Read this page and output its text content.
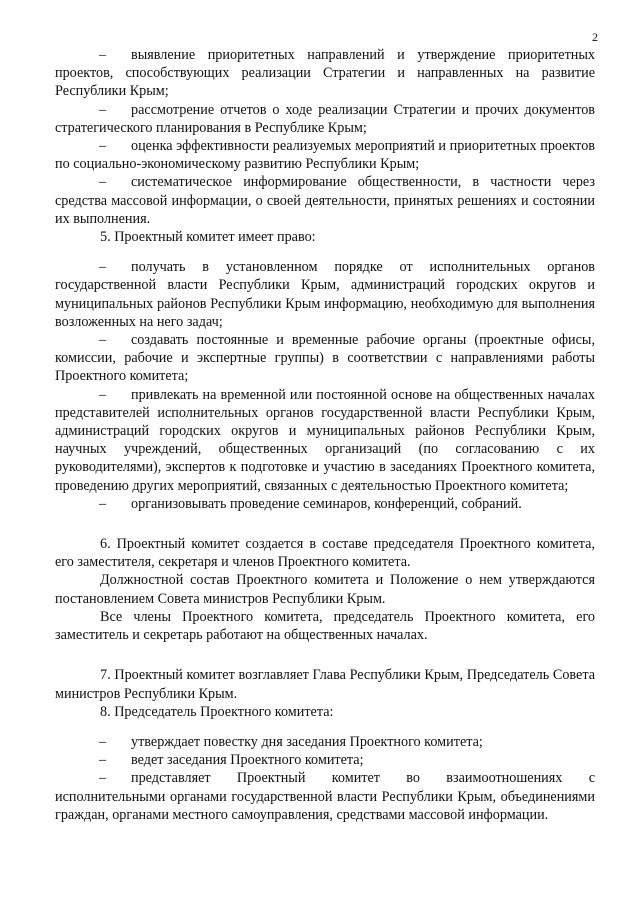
2

– выявление приоритетных направлений и утверждение приоритетных проектов, способствующих реализации Стратегии и направленных на развитие Республики Крым;

– рассмотрение отчетов о ходе реализации Стратегии и прочих документов стратегического планирования в Республике Крым;

– оценка эффективности реализуемых мероприятий и приоритетных проектов по социально-экономическому развитию Республики Крым;

– систематическое информирование общественности, в частности через средства массовой информации, о своей деятельности, принятых решениях и состоянии их выполнения.

5. Проектный комитет имеет право:

– получать в установленном порядке от исполнительных органов государственной власти Республики Крым, администраций городских округов и муниципальных районов Республики Крым информацию, необходимую для выполнения возложенных на него задач;

– создавать постоянные и временные рабочие органы (проектные офисы, комиссии, рабочие и экспертные группы) в соответствии с направлениями работы Проектного комитета;

– привлекать на временной или постоянной основе на общественных началах представителей исполнительных органов государственной власти Республики Крым, администраций городских округов и муниципальных районов Республики Крым, научных учреждений, общественных организаций (по согласованию с их руководителями), экспертов к подготовке и участию в заседаниях Проектного комитета, проведению других мероприятий, связанных с деятельностью Проектного комитета;

– организовывать проведение семинаров, конференций, собраний.

6. Проектный комитет создается в составе председателя Проектного комитета, его заместителя, секретаря и членов Проектного комитета.

Должностной состав Проектного комитета и Положение о нем утверждаются постановлением Совета министров Республики Крым.

Все члены Проектного комитета, председатель Проектного комитета, его заместитель и секретарь работают на общественных началах.

7. Проектный комитет возглавляет Глава Республики Крым, Председатель Совета министров Республики Крым.

8. Председатель Проектного комитета:

– утверждает повестку дня заседания Проектного комитета;

– ведет заседания Проектного комитета;

– представляет Проектный комитет во взаимоотношениях с исполнительными органами государственной власти Республики Крым, объединениями граждан, органами местного самоуправления, средствами массовой информации.
